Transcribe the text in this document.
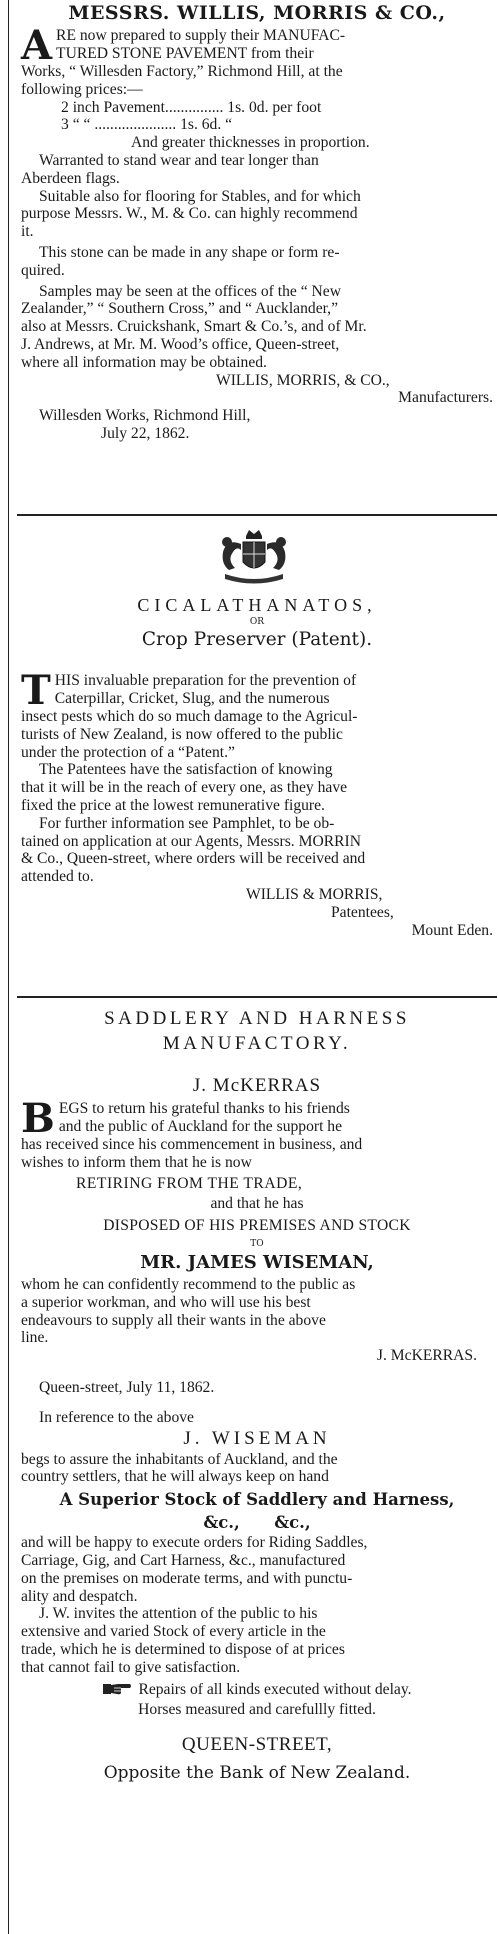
MESSRS. WILLIS, MORRIS & CO.,
A RE now prepared to supply their MANUFAC-
TURED STONE PAVEMENT from their
Works, “ Willesden Factory,” Richmond Hill, at the
following prices:—
2 inch Pavement............... 1s. 0d. per foot
3 “ “ ..................... 1s. 6d. “
And greater thicknesses in proportion.
Warranted to stand wear and tear longer than
Aberdeen flags.
Suitable also for flooring for Stables, and for which
purpose Messrs. W., M. & Co. can highly recommend
it.
This stone can be made in any shape or form re-
quired.
Samples may be seen at the offices of the “ New
Zealander,” “ Southern Cross,” and “ Aucklander,”
also at Messrs. Cruickshank, Smart & Co.’s, and of Mr.
J. Andrews, at Mr. M. Wood’s office, Queen-street,
where all information may be obtained.
WILLIS, MORRIS, & CO.,
Manufacturers.
Willesden Works, Richmond Hill,
July 22, 1862.
CICALATHANATOS,
OR
Crop Preserver (Patent).
T HIS invaluable preparation for the prevention of
Caterpillar, Cricket, Slug, and the numerous
insect pests which do so much damage to the Agricul-
turists of New Zealand, is now offered to the public
under the protection of a “Patent.”
The Patentees have the satisfaction of knowing
that it will be in the reach of every one, as they have
fixed the price at the lowest remunerative figure.
For further information see Pamphlet, to be ob-
tained on application at our Agents, Messrs. MORRIN
& Co., Queen-street, where orders will be received and
attended to.
WILLIS & MORRIS,
Patentees,
Mount Eden.
SADDLERY AND HARNESS
MANUFACTORY.
J. McKERRAS
B EGS to return his grateful thanks to his friends
and the public of Auckland for the support he
has received since his commencement in business, and
wishes to inform them that he is now
RETIRING FROM THE TRADE,
and that he has
DISPOSED OF HIS PREMISES AND STOCK
TO
MR. JAMES WISEMAN,
whom he can confidently recommend to the public as
a superior workman, and who will use his best
endeavours to supply all their wants in the above
line.
J. McKERRAS.
Queen-street, July 11, 1862.
In reference to the above
J. WISEMAN
begs to assure the inhabitants of Auckland, and the
country settlers, that he will always keep on hand
A Superior Stock of Saddlery and Harness,
&c.,      &c.,
and will be happy to execute orders for Riding Saddles,
Carriage, Gig, and Cart Harness, &c., manufactured
on the premises on moderate terms, and with punctu-
ality and despatch.
J. W. invites the attention of the public to his
extensive and varied Stock of every article in the
trade, which he is determined to dispose of at prices
that cannot fail to give satisfaction.
Repairs of all kinds executed without delay.
Horses measured and carefullly fitted.
QUEEN-STREET,
Opposite the Bank of New Zealand.
